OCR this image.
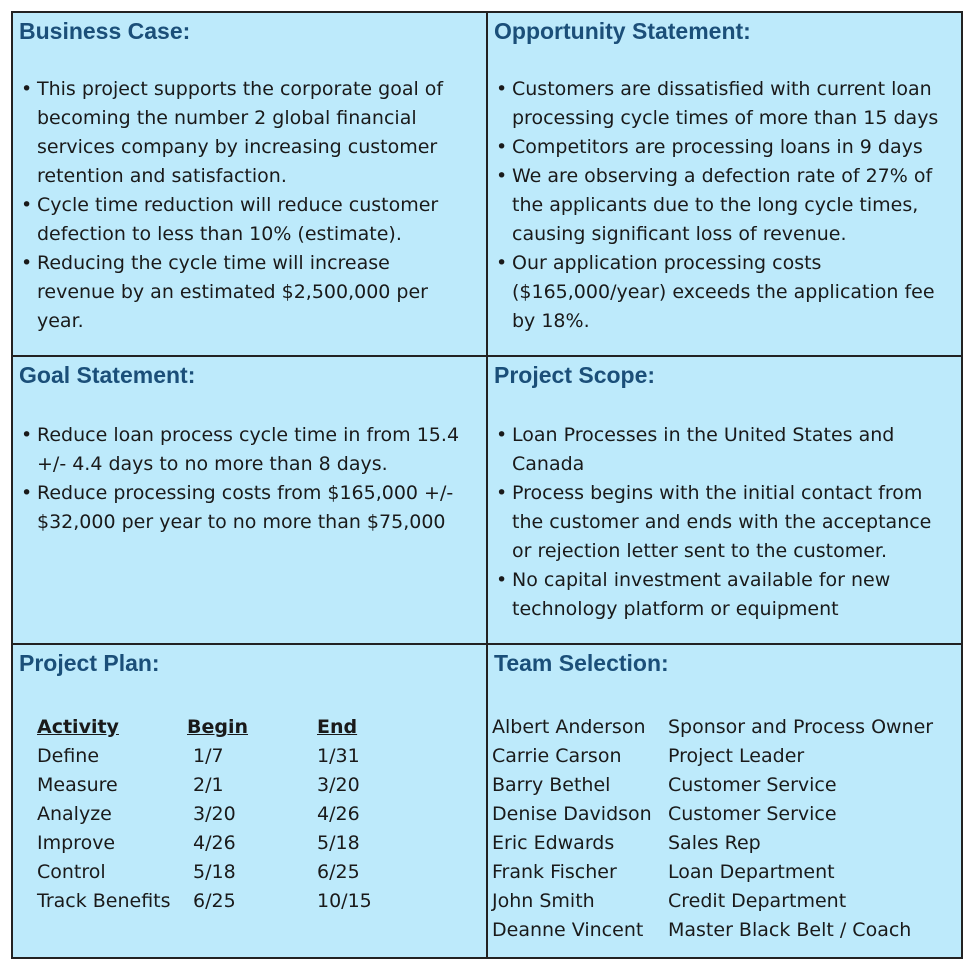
Business Case:
• This project supports the corporate goal of becoming the number 2 global financial services company by increasing customer retention and satisfaction.
• Cycle time reduction will reduce customer defection to less than 10% (estimate).
• Reducing the cycle time will increase revenue by an estimated $2,500,000 per year.
Opportunity Statement:
• Customers are dissatisfied with current loan processing cycle times of more than 15 days
• Competitors are processing loans in 9 days
• We are observing a defection rate of 27% of the applicants due to the long cycle times, causing significant loss of revenue.
• Our application processing costs ($165,000/year) exceeds the application fee by 18%.
Goal Statement:
• Reduce loan process cycle time in from 15.4 +/- 4.4 days to no more than 8 days.
• Reduce processing costs from $165,000 +/- $32,000 per year to no more than $75,000
Project Scope:
• Loan Processes in the United States and Canada
• Process begins with the initial contact from the customer and ends with the acceptance or rejection letter sent to the customer.
• No capital investment available for new technology platform or equipment
Project Plan:
Activity	Begin	End
Define	1/7	1/31
Measure	2/1	3/20
Analyze	3/20	4/26
Improve	4/26	5/18
Control	5/18	6/25
Track Benefits	6/25	10/15
Team Selection:
Albert Anderson	Sponsor and Process Owner
Carrie Carson	Project Leader
Barry Bethel	Customer Service
Denise Davidson	Customer Service
Eric Edwards	Sales Rep
Frank Fischer	Loan Department
John Smith	Credit Department
Deanne Vincent	Master Black Belt / Coach
